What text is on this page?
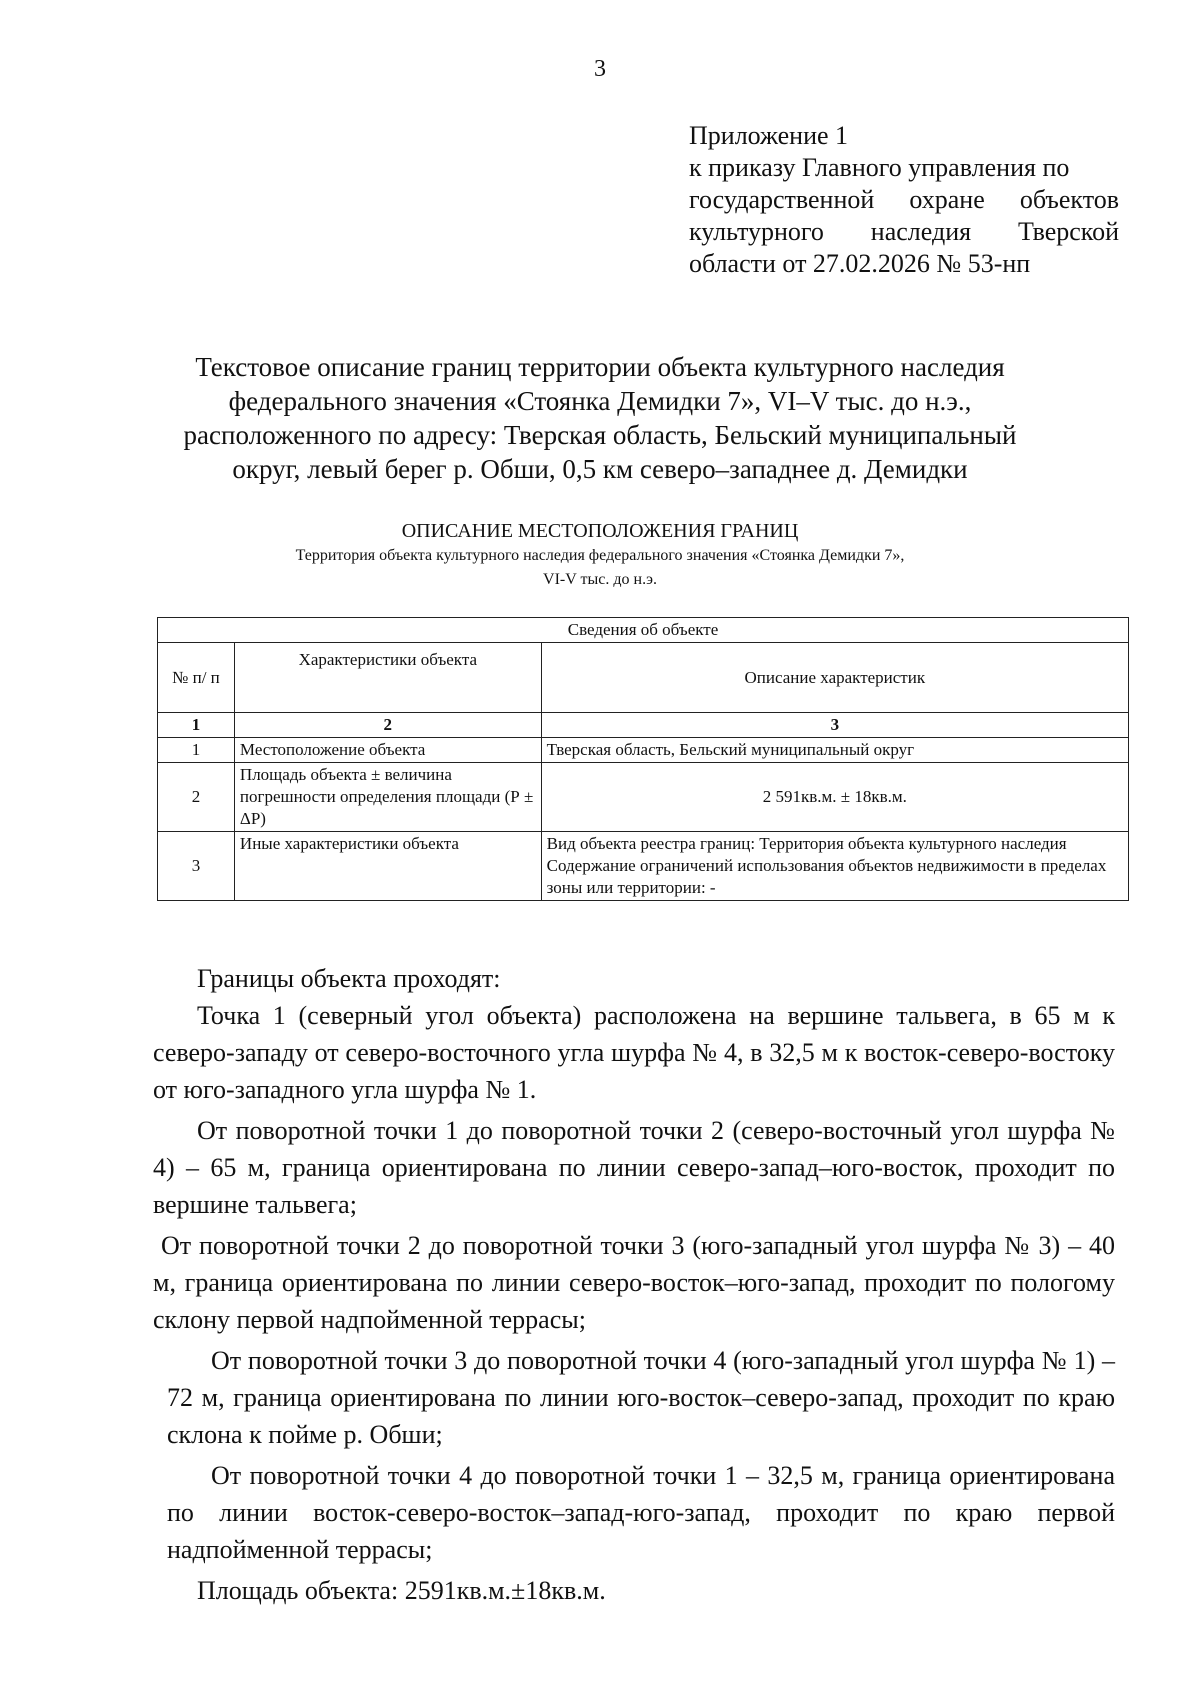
3
Приложение 1
к приказу Главного управления по
государственной охране объектов
культурного наследия Тверской
области от 27.02.2026 № 53-нп
Текстовое описание границ территории объекта культурного наследия
федерального значения «Стоянка Демидки 7», VI–V тыс. до н.э.,
расположенного по адресу: Тверская область, Бельский муниципальный
округ, левый берег р. Обши, 0,5 км северо–западнее д. Демидки
ОПИСАНИЕ МЕСТОПОЛОЖЕНИЯ ГРАНИЦ
Территория объекта культурного наследия федерального значения «Стоянка Демидки 7»,
VI-V тыс. до н.э.
Сведения об объекте		
№ п/ п	Характеристики объекта	Описание характеристик
1	2	3
1	Местоположение объекта	Тверская область, Бельский муниципальный округ
2	Площадь объекта ± величина погрешности определения площади (Р ± ΔР)	2 591кв.м. ± 18кв.м.
3	Иные характеристики объекта	Вид объекта реестра границ: Территория объекта культурного наследия
Содержание ограничений использования объектов недвижимости в пределах зоны или территории: -

Границы объекта проходят:

Точка 1 (северный угол объекта) расположена на вершине тальвега, в 65 м к северо-западу от северо-восточного угла шурфа № 4, в 32,5 м к восток-северо-востоку от юго-западного угла шурфа № 1.

От поворотной точки 1 до поворотной точки 2 (северо-восточный угол шурфа № 4) – 65 м, граница ориентирована по линии северо-запад–юго-восток, проходит по вершине тальвега;

От поворотной точки 2 до поворотной точки 3 (юго-западный угол шурфа № 3) – 40 м, граница ориентирована по линии северо-восток–юго-запад, проходит по пологому склону первой надпойменной террасы;

От поворотной точки 3 до поворотной точки 4 (юго-западный угол шурфа № 1) – 72 м, граница ориентирована по линии юго-восток–северо-запад, проходит по краю склона к пойме р. Обши;

От поворотной точки 4 до поворотной точки 1 – 32,5 м, граница ориентирована по линии восток-северо-восток–запад-юго-запад, проходит по краю первой надпойменной террасы;

Площадь объекта: 2591кв.м.±18кв.м.
